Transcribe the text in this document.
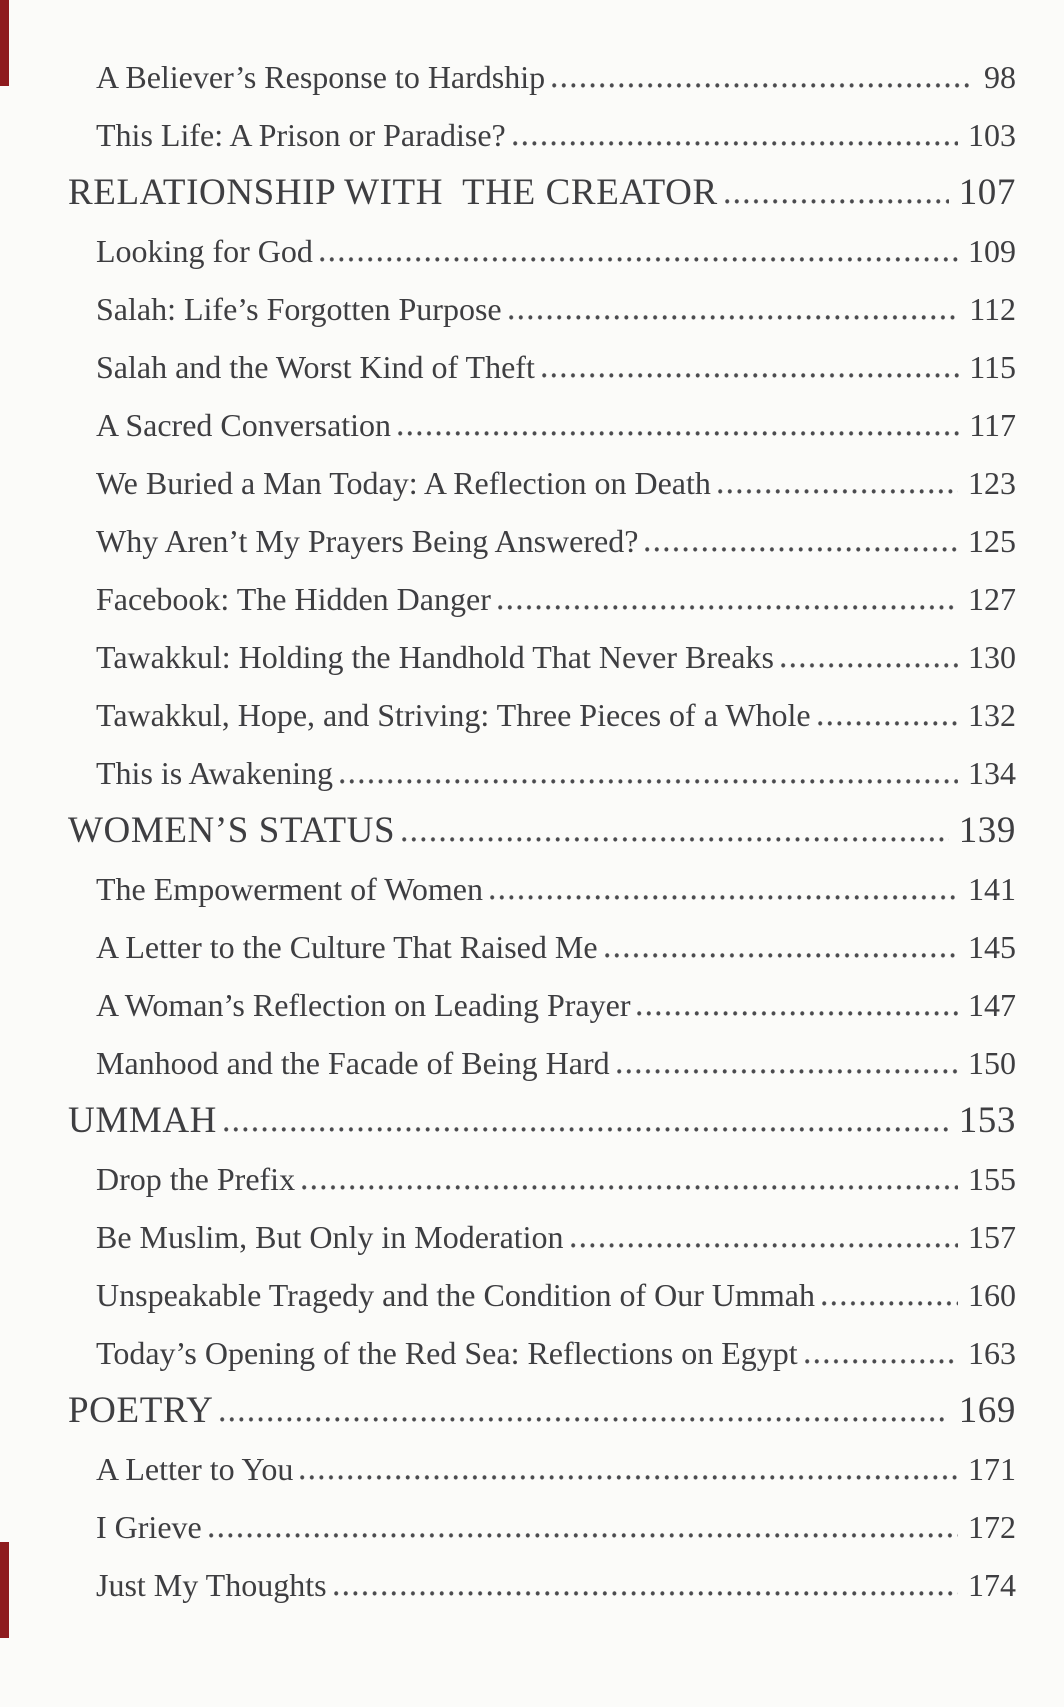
A Believer’s Response to Hardship	98
This Life: A Prison or Paradise?	103
RELATIONSHIP WITH  THE CREATOR	107
Looking for God	109
Salah: Life’s Forgotten Purpose	112
Salah and the Worst Kind of Theft	115
A Sacred Conversation	117
We Buried a Man Today: A Reflection on Death	123
Why Aren’t My Prayers Being Answered?	125
Facebook: The Hidden Danger	127
Tawakkul: Holding the Handhold That Never Breaks	130
Tawakkul, Hope, and Striving: Three Pieces of a Whole	132
This is Awakening	134
WOMEN’S STATUS	139
The Empowerment of Women	141
A Letter to the Culture That Raised Me	145
A Woman’s Reflection on Leading Prayer	147
Manhood and the Facade of Being Hard	150
UMMAH	153
Drop the Prefix	155
Be Muslim, But Only in Moderation	157
Unspeakable Tragedy and the Condition of Our Ummah	160
Today’s Opening of the Red Sea: Reflections on Egypt	163
POETRY	169
A Letter to You	171
I Grieve	172
Just My Thoughts	174
